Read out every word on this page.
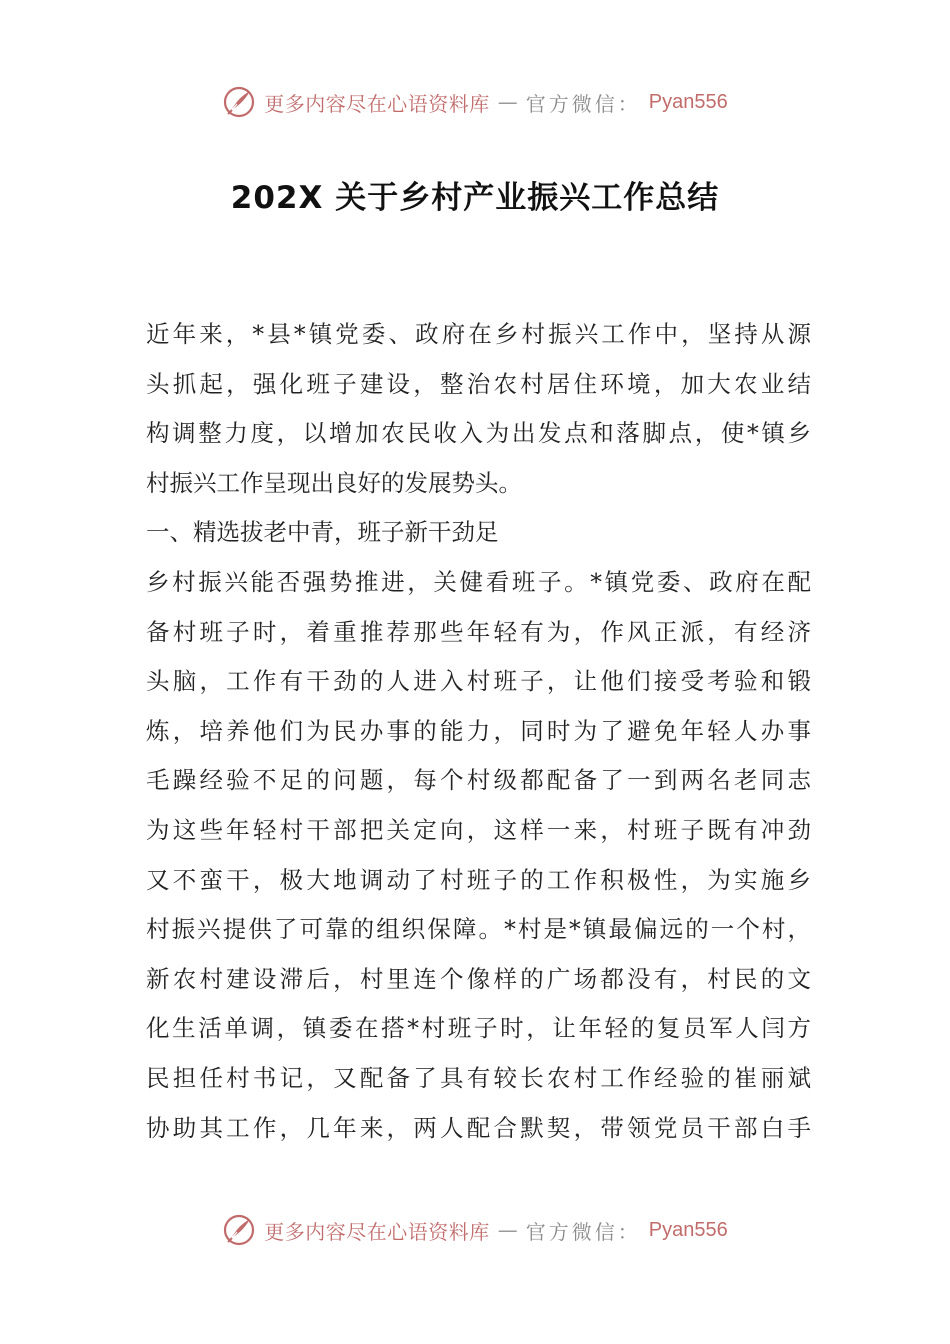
更多内容尽在心语资料库 — 官方微信： Pyan556
202X 关于乡村产业振兴工作总结
近年来，*县*镇党委、政府在乡村振兴工作中，坚持从源
头抓起，强化班子建设，整治农村居住环境，加大农业结
构调整力度，以增加农民收入为出发点和落脚点，使*镇乡
村振兴工作呈现出良好的发展势头。
一、精选拔老中青，班子新干劲足
乡村振兴能否强势推进，关健看班子。*镇党委、政府在配
备村班子时，着重推荐那些年轻有为，作风正派，有经济
头脑，工作有干劲的人进入村班子，让他们接受考验和锻
炼，培养他们为民办事的能力，同时为了避免年轻人办事
毛躁经验不足的问题，每个村级都配备了一到两名老同志
为这些年轻村干部把关定向，这样一来，村班子既有冲劲
又不蛮干，极大地调动了村班子的工作积极性，为实施乡
村振兴提供了可靠的组织保障。*村是*镇最偏远的一个村，
新农村建设滞后，村里连个像样的广场都没有，村民的文
化生活单调，镇委在搭*村班子时，让年轻的复员军人闫方
民担任村书记，又配备了具有较长农村工作经验的崔丽斌
协助其工作，几年来，两人配合默契，带领党员干部白手
更多内容尽在心语资料库 — 官方微信： Pyan556
